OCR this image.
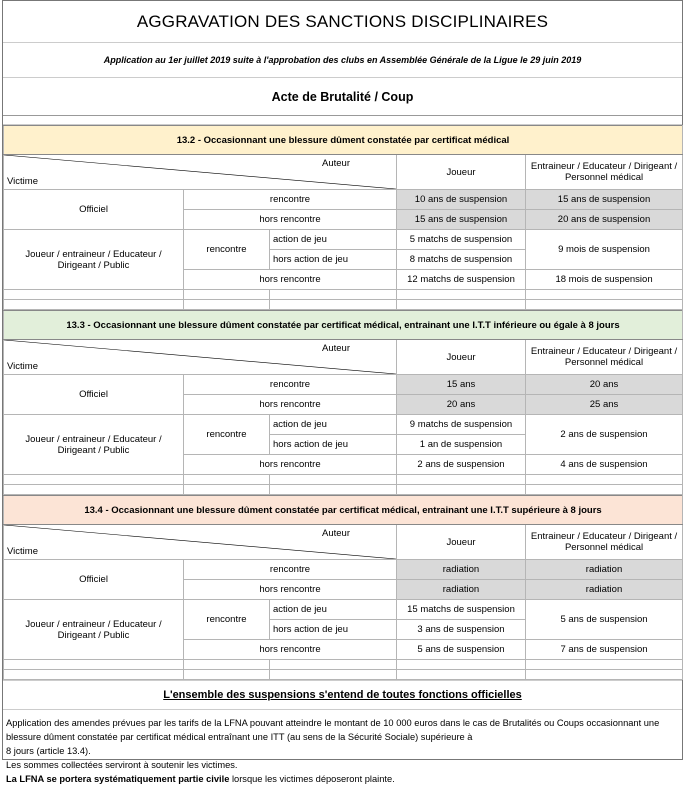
AGGRAVATION DES SANCTIONS DISCIPLINAIRES
Application au 1er juillet 2019 suite à l'approbation des clubs en Assemblée Générale de la Ligue le 29 juin 2019
Acte de Brutalité / Coup
13.2 - Occasionnant une blessure dûment constatée par certificat médical				

Auteur
Victime			Joueur	Entraineur / Educateur / Dirigeant / Personnel médical
Officiel	rencontre		10 ans de suspension	15 ans de suspension
	hors rencontre		15 ans de suspension	20 ans de suspension
Joueur / entraineur / Educateur / Dirigeant / Public	rencontre	action de jeu	5 matchs de suspension	9 mois de suspension
		hors action de jeu	8 matchs de suspension	
	hors rencontre		12 matchs de suspension	18 mois de suspension

13.3 - Occasionnant une blessure dûment constatée par certificat médical, entrainant une I.T.T inférieure ou égale à 8 jours				

Auteur
Victime			Joueur	Entraineur / Educateur / Dirigeant / Personnel médical
Officiel	rencontre		15 ans	20 ans
	hors rencontre		20 ans	25 ans
Joueur / entraineur / Educateur / Dirigeant / Public	rencontre	action de jeu	9 matchs de suspension	2 ans de suspension
		hors action de jeu	1 an de suspension	
	hors rencontre		2 ans de suspension	4 ans de suspension

13.4 - Occasionnant une blessure dûment constatée par certificat médical, entrainant une I.T.T supérieure à 8 jours				

Auteur
Victime			Joueur	Entraineur / Educateur / Dirigeant / Personnel médical
Officiel	rencontre		radiation	radiation
	hors rencontre		radiation	radiation
Joueur / entraineur / Educateur / Dirigeant / Public	rencontre	action de jeu	15 matchs de suspension	5 ans de suspension
		hors action de jeu	3 ans de suspension	
	hors rencontre		5 ans de suspension	7 ans de suspension

L'ensemble des suspensions s'entend de toutes fonctions officielles

Application des amendes prévues par les tarifs de la LFNA pouvant atteindre le montant de 10 000 euros dans le cas de Brutalités ou Coups occasionnant une blessure dûment constatée par certificat médical entraînant une ITT (au sens de la Sécurité Sociale) supérieure à

8 jours (article 13.4).

Les sommes collectées serviront à soutenir les victimes.

La LFNA se portera systématiquement partie civile lorsque les victimes déposeront plainte.
